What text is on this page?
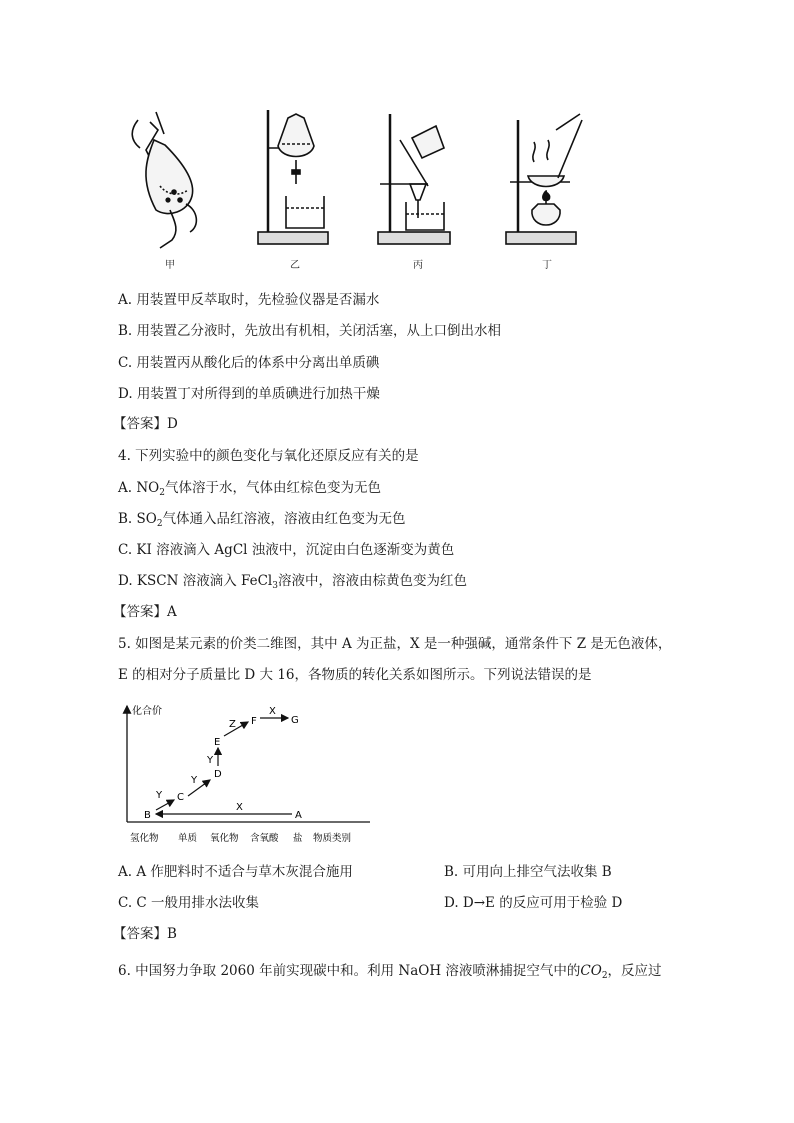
甲	乙	丙	丁
A. 用装置甲反萃取时，先检验仪器是否漏水
B. 用装置乙分液时，先放出有机相，关闭活塞，从上口倒出水相
C. 用装置丙从酸化后的体系中分离出单质碘
D. 用装置丁对所得到的单质碘进行加热干燥
【答案】D
4. 下列实验中的颜色变化与氧化还原反应有关的是
A. $NO_2$气体溶于水，气体由红棕色变为无色
B. $SO_2$气体通入品红溶液，溶液由红色变为无色
C. KI 溶液滴入 AgCl 浊液中，沉淀由白色逐渐变为黄色
D. KSCN 溶液滴入 FeCl$_3$溶液中，溶液由棕黄色变为红色
【答案】A
5. 如图是某元素的价类二维图，其中 A 为正盐，X 是一种强碱，通常条件下 Z 是无色液体，
E 的相对分子质量比 D 大 16，各物质的转化关系如图所示。下列说法错误的是
化合价
氢化物 单质 氧化物 含氧酸 盐 物质类别
A
B
C
D
E
F	G
X
Y
Y
Y
Z
X
A. A 作肥料时不适合与草木灰混合施用	B. 可用向上排空气法收集 B
C. C 一般用排水法收集	D. D→E 的反应可用于检验 D
【答案】B
6. 中国努力争取 2060 年前实现碳中和。利用 NaOH 溶液喷淋捕捉空气中的$CO_2$，反应过
